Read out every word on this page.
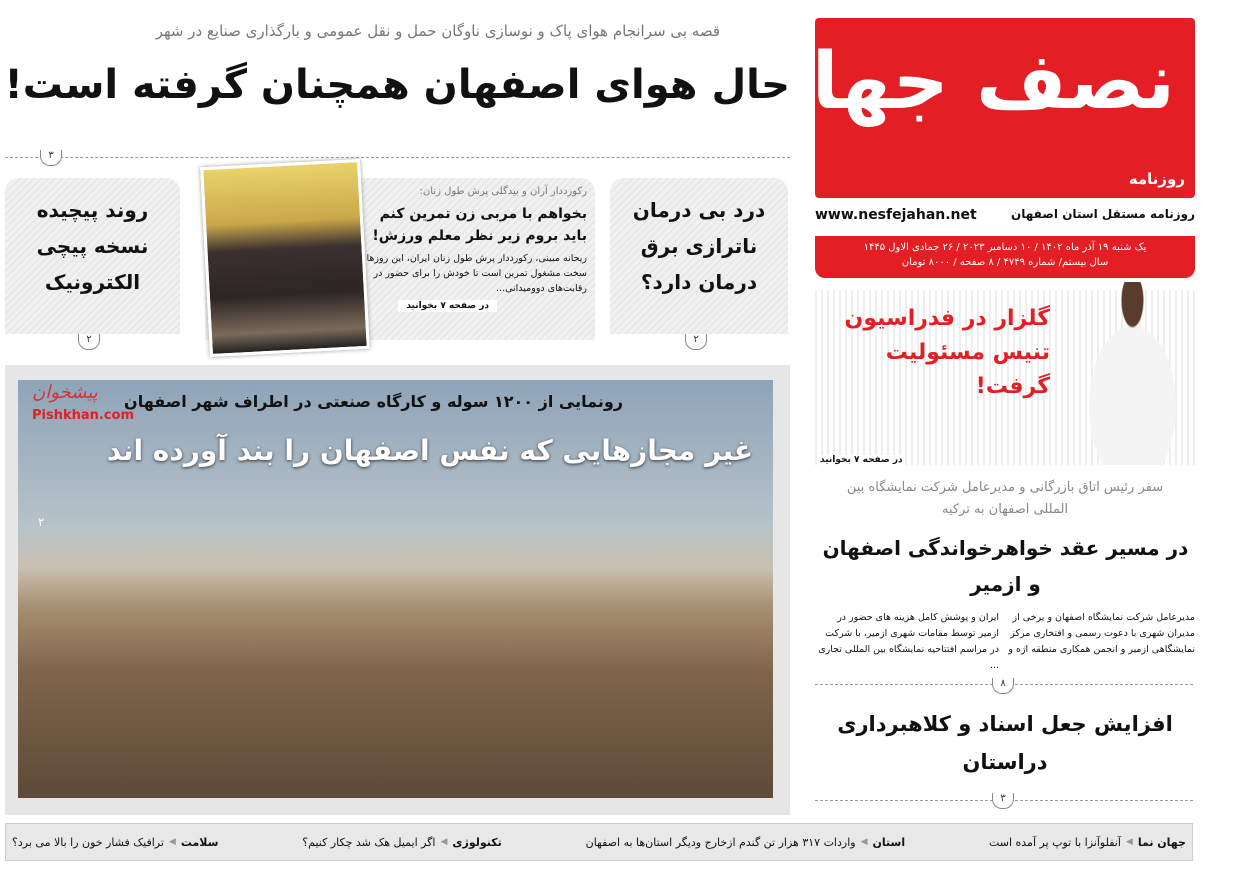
نصف جهان
روزنامه
روزنامه مستقل استان اصفهان
www.nesfejahan.net
یک شنبه ۱۹ آذر ماه ۱۴۰۲ / ۱۰ دسامبر ۲۰۲۳ / ۲۶ جمادی الاول ۱۴۴۵
سال بیستم/ شماره ۴۷۴۹ / ۸ صفحه / ۸۰۰۰ تومان
قصه بی سرانجام هوای پاک و نوسازی ناوگان حمل و نقل عمومی و بارگذاری صنایع در شهر
حال هوای اصفهان همچنان گرفته است!
۳
روند پیچیده نسخه پیچی الکترونیک
۲
رکورددار آران و بیدگلی پرش طول زنان:
بخواهم با مربی زن تمرین کنم باید بروم زیر نظر معلم ورزش!
ریحانه مبینی، رکورددار پرش طول زنان ایران، این روزها سخت مشغول تمرین است تا خودش را برای حضور در رقابت‌های دوومیدانی...
در صفحه ۷ بخوانید
درد بی درمان ناترازی برق درمان دارد؟
۲
رونمایی از ۱۲۰۰ سوله و کارگاه صنعتی در اطراف شهر اصفهان
غیر مجازهایی که نفس اصفهان را بند آورده اند
۲
پیشخوان
Pishkhan.com
گلزار در فدراسیون تنیس مسئولیت گرفت!
در صفحه ۷ بخوانید
سفر رئیس اتاق بازرگانی و مدیرعامل شرکت نمایشگاه بین المللی اصفهان به ترکیه
در مسیر عقد خواهرخواندگی اصفهان و ازمیر
مدیرعامل شرکت نمایشگاه اصفهان و برخی از مدیران شهری با دعوت رسمی و افتخاری مرکز نمایشگاهی ازمیر و انجمن همکاری منطقه اژه و
ایران و پوشش کامل هزینه های حضور در ازمیر توسط مقامات شهری ازمیر، با شرکت در مراسم افتتاحیه نمایشگاه بین المللی تجاری ...
۸
افزایش جعل اسناد و کلاهبرداری دراستان
۳
جهان نما
◀
آنفلوآنزا با توپ پر آمده است
استان
◀
واردات ۳۱۷ هزار تن گندم ازخارج ودیگر استان‌ها به اصفهان
تکنولوژی
◀
اگر ایمیل هک شد چکار کنیم؟
سلامت
◀
ترافیک فشار خون را بالا می برد؟
